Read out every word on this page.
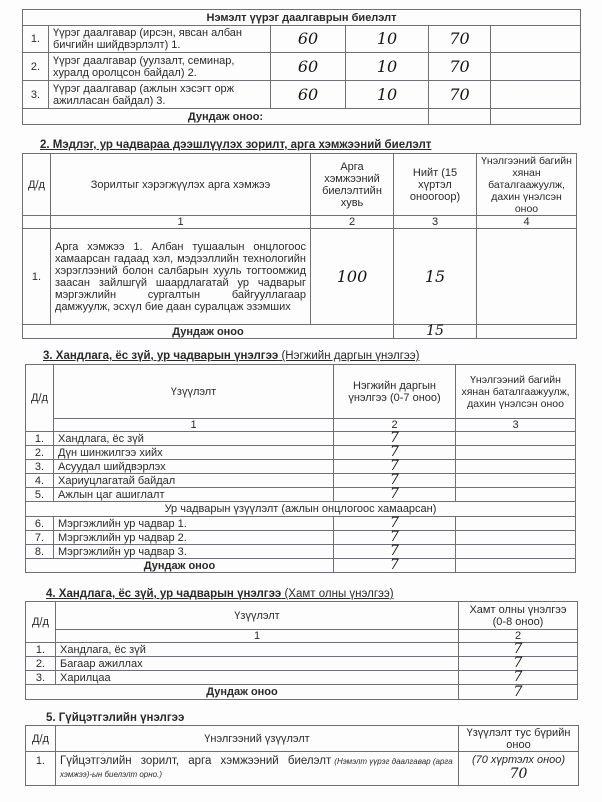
Нэмэлт үүрэг даалгаврын биелэлт					
1.	Үүрэг даалгавар (ирсэн, явсан албан бичгийн шийдвэрлэлт) 1.	60	10	70	
2.	Үүрэг даалгавар (уулзалт, семинар, хуралд оролцсон байдал) 2.	60	10	70	
3.	Үүрэг даалгавар (ажлын хэсэгт орж ажилласан байдал) 3.	60	10	70	
Дундаж оноо:					
2. Мэдлэг, ур чадвараа дээшлүүлэх зорилт, арга хэмжээний биелэлт
Д/д	Зорилтыг хэрэгжүүлэх арга хэмжээ	Арга хэмжээний биелэлтийн хувь	Нийт (15 хүртэл оноогоор)	Үнэлгээний багийн хянан баталгаажуулж, дахин үнэлсэн оноо
	1	2	3	4
1.	Арга хэмжээ 1. Албан тушаалын онцлогоос хамаарсан гадаад хэл, мэдээллийн технологийн хэрэглээний болон салбарын хууль тогтоомжид заасан зайлшгүй шаардлагатай ур чадварыг мэргэжлийн сургалтын байгууллагаар дамжуулж, эсхүл бие даан суралцаж эзэмших	100	15	
Дундаж оноо			15	
3. Хандлага, ёс зүй, ур чадварын үнэлгээ (Нэгжийн даргын үнэлгээ)
Д/д	Үзүүлэлт	Нэгжийн даргын үнэлгээ (0-7 оноо)	Үнэлгээний багийн хянан баталгаажуулж, дахин үнэлсэн оноо
	1	2	3
1.	Хандлага, ёс зүй	7	
2.	Дүн шинжилгээ хийх	7	
3.	Асуудал шийдвэрлэх	7	
4.	Хариуцлагатай байдал	7	
5.	Ажлын цаг ашиглалт	7	
Ур чадварын үзүүлэлт (ажлын онцлогоос хамаарсан)			
6.	Мэргэжлийн ур чадвар 1.	7	
7.	Мэргэжлийн ур чадвар 2.	7	
8.	Мэргэжлийн ур чадвар 3.	7	
Дундаж оноо		7	
4. Хандлага, ёс зүй, ур чадварын үнэлгээ (Хамт олны үнэлгээ)
Д/д	Үзүүлэлт	Хамт олны үнэлгээ (0-8 оноо)
	1	2
1.	Хандлага, ёс зүй	7
2.	Багаар ажиллах	7
3.	Харилцаа	7
Дундаж оноо		7
5. Гүйцэтгэлийн үнэлгээ
Д/д	Үнэлгээний үзүүлэлт	Үзүүлэлт тус бүрийн оноо
1.	Гүйцэтгэлийн зорилт, арга хэмжээний биелэлт (Нэмэлт үүрэг даалгавар (арга хэмжээ)-ын биелэлт орно.)	(70 хүртэлх оноо)
70
